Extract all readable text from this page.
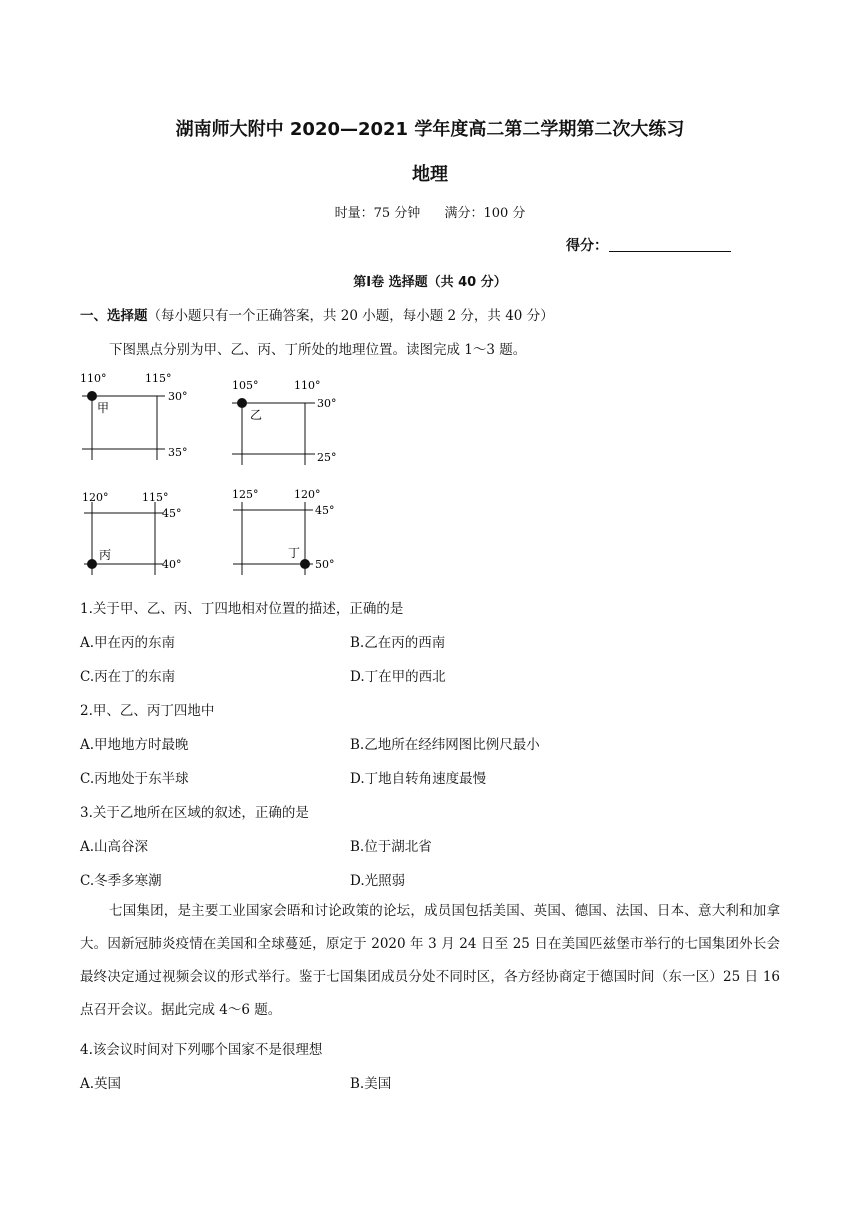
湖南师大附中 2020—2021 学年度高二第二学期第二次大练习
地理
时量：75 分钟 满分：100 分
得分：
第Ⅰ卷 选择题（共 40 分）
一、选择题（每小题只有一个正确答案，共 20 小题，每小题 2 分，共 40 分）
下图黑点分别为甲、乙、丙、丁所处的地理位置。读图完成 1～3 题。
110°	115°
30°
35°
甲
105°	110°
30°
25°
乙
120°	115°
45°
40°
丙
125°	120°
45°
50°
丁
1.关于甲、乙、丙、丁四地相对位置的描述，正确的是
A.甲在丙的东南	B.乙在丙的西南
C.丙在丁的东南	D.丁在甲的西北
2.甲、乙、丙丁四地中
A.甲地地方时最晚	B.乙地所在经纬网图比例尺最小
C.丙地处于东半球	D.丁地自转角速度最慢
3.关于乙地所在区域的叙述，正确的是
A.山高谷深	B.位于湖北省
C.冬季多寒潮	D.光照弱
七国集团，是主要工业国家会晤和讨论政策的论坛，成员国包括美国、英国、德国、法国、日本、意大利和加拿大。因新冠肺炎疫情在美国和全球蔓延，原定于 2020 年 3 月 24 日至 25 日在美国匹兹堡市举行的七国集团外长会最终决定通过视频会议的形式举行。鉴于七国集团成员分处不同时区，各方经协商定于德国时间（东一区）25 日 16 点召开会议。据此完成 4～6 题。
4.该会议时间对下列哪个国家不是很理想
A.英国	B.美国
